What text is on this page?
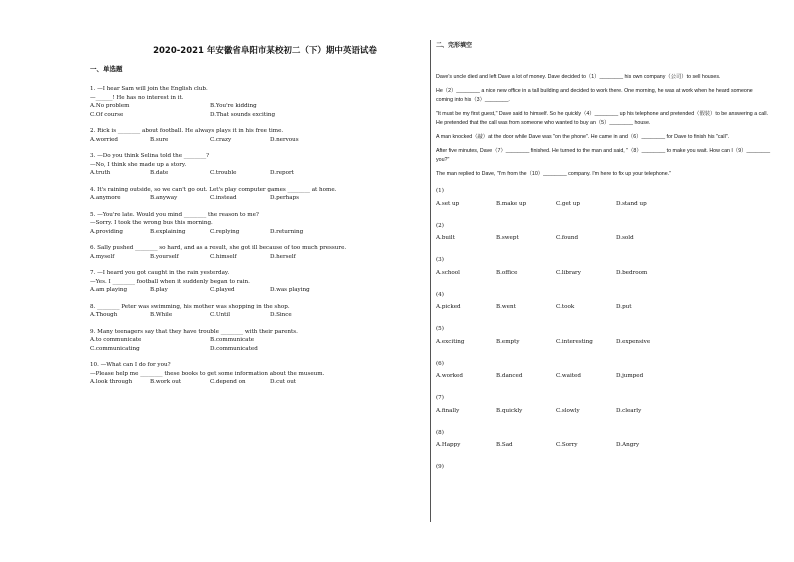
2020-2021 年安徽省阜阳市某校初二（下）期中英语试卷
一、单选题
1. —I hear Sam will join the English club.
—______! He has no interest in it.
A.No problem	B.You're kidding
C.Of course	D.That sounds exciting
2. Rick is ________ about football. He always plays it in his free time.
A.worried	B.sure	C.crazy	D.nervous
3. —Do you think Selina told the ________?
—No, I think she made up a story.
A.truth	B.date	C.trouble	D.report
4. It's raining outside, so we can't go out. Let's play computer games ________ at home.
A.anymore	B.anyway	C.instead	D.perhaps
5. —You're late. Would you mind ________ the reason to me?
—Sorry. I took the wrong bus this morning.
A.providing	B.explaining	C.replying	D.returning
6. Sally pushed ________ so hard, and as a result, she got ill because of too much pressure.
A.myself	B.yourself	C.himself	D.herself
7. —I heard you got caught in the rain yesterday.
—Yes. I ________ football when it suddenly began to rain.
A.am playing	B.play	C.played	D.was playing
8. ________ Peter was swimming, his mother was shopping in the shop.
A.Though	B.While	C.Until	D.Since
9. Many teenagers say that they have trouble ________ with their parents.
A.to communicate	B.communicate
C.communicating	D.communicated
10. —What can I do for you?
—Please help me ________ these books to get some information about the museum.
A.look through	B.work out	C.depend on	D.cut out
二、完形填空

Dave's uncle died and left Dave a lot of money. Dave decided to（1）________ his own company（公司）to sell houses.

He（2）________ a nice new office in a tall building and decided to work there. One morning, he was at work when he heard someone coming into his（3）________.

"It must be my first guest," Dave said to himself. So he quickly（4）________ up his telephone and pretended（假装）to be answering a call. He pretended that the call was from someone who wanted to buy an（5）________ house.

A man knocked（敲）at the door while Dave was "on the phone". He came in and（6）________ for Dave to finish his "call".

After five minutes, Dave（7）________ finished. He turned to the man and said, "（8）________ to make you wait. How can I（9）________ you?"

The man replied to Dave, "I'm from the（10）________ company. I'm here to fix up your telephone."

(1)
A.set up	B.make up	C.get up	D.stand up
(2)
A.built	B.swept	C.found	D.sold
(3)
A.school	B.office	C.library	D.bedroom
(4)
A.picked	B.went	C.took	D.put
(5)
A.exciting	B.empty	C.interesting	D.expensive
(6)
A.worked	B.danced	C.waited	D.jumped
(7)
A.finally	B.quickly	C.slowly	D.clearly
(8)
A.Happy	B.Sad	C.Sorry	D.Angry
(9)
